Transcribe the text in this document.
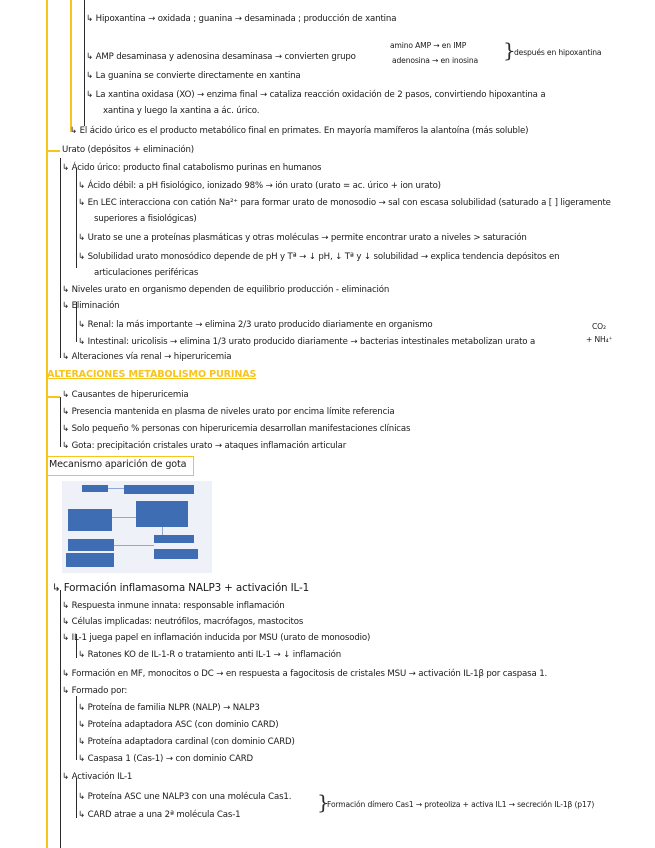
↳ Hipoxantina → oxidada ; guanina → desaminada ; producción de xantina
amino AMP → en IMP
↳ AMP desaminasa y adenosina desaminasa → convierten grupo	adenosina → en inosina }
después en hipoxantina
↳ La guanina se convierte directamente en xantina
↳ La xantina oxidasa (XO) → enzima final → cataliza reacción oxidación de 2 pasos, convirtiendo hipoxantina a
xantina y luego la xantina a ác. úrico.
↳ El ácido úrico es el producto metabólico final en primates. En mayoría mamíferos la alantoína (más soluble)
Urato (depósitos + eliminación)
↳ Ácido úrico: producto final catabolismo purinas en humanos
↳ Ácido débil: a pH fisiológico, ionizado 98% → ión urato (urato = ac. úrico + ion urato)
↳ En LEC interacciona con catión Na²⁺ para formar urato de monosodio → sal con escasa solubilidad (saturado a [ ] ligeramente
superiores a fisiológicas)
↳ Urato se une a proteínas plasmáticas y otras moléculas → permite encontrar urato a niveles > saturación
↳ Solubilidad urato monosódico depende de pH y Tª → ↓ pH, ↓ Tª y ↓ solubilidad → explica tendencia depósitos en
articulaciones periféricas
↳ Niveles urato en organismo dependen de equilibrio producción - eliminación
↳ Eliminación
↳ Renal: la más importante → elimina 2/3 urato producido diariamente en organismo	CO₂
↳ Intestinal: uricolisis → elimina 1/3 urato producido diariamente → bacterias intestinales metabolizan urato a	+ NH₄⁺
↳ Alteraciones vía renal → hiperuricemia
ALTERACIONES METABOLISMO PURINAS
↳ Causantes de hiperuricemia
↳ Presencia mantenida en plasma de niveles urato por encima límite referencia
↳ Solo pequeño % personas con hiperuricemia desarrollan manifestaciones clínicas
↳ Gota: precipitación cristales urato → ataques inflamación articular
Mecanismo aparición de gota
↳ Formación inflamasoma NALP3 + activación IL-1
↳ Respuesta inmune innata: responsable inflamación
↳ Células implicadas: neutrófilos, macrófagos, mastocitos
↳ IL-1 juega papel en inflamación inducida por MSU (urato de monosodio)
↳ Ratones KO de IL-1-R o tratamiento anti IL-1 → ↓ inflamación
↳ Formación en MF, monocitos o DC → en respuesta a fagocitosis de cristales MSU → activación IL-1β por caspasa 1.
↳ Formado por:
↳ Proteína de familia NLPR (NALP) → NALP3
↳ Proteína adaptadora ASC (con dominio CARD)
↳ Proteína adaptadora cardinal (con dominio CARD)
↳ Caspasa 1 (Cas-1) → con dominio CARD
↳ Activación IL-1
↳ Proteína ASC une NALP3 con una molécula Cas1.
↳ CARD atrae a una 2ª molécula Cas-1
}
Formación dímero Cas1 → proteoliza + activa IL1 → secreción IL-1β (p17)
